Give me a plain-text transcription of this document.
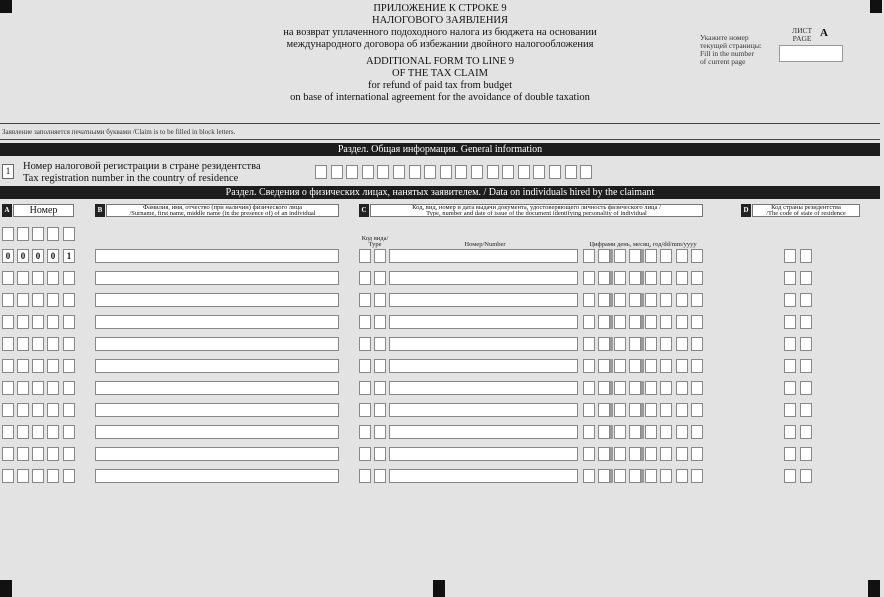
ПРИЛОЖЕНИЕ К СТРОКЕ 9
НАЛОГОВОГО ЗАЯВЛЕНИЯ
на возврат уплаченного подоходного налога из бюджета на основании
международного договора об избежании двойного налогообложения
ADDITIONAL FORM TO LINE 9
OF THE TAX CLAIM
for refund of paid tax from budget
on base of international agreement for the avoidance of double taxation
Укажите номер
текущей страницы:
Fill in the number
of current page
ЛИСТ
PAGE A
Заявление заполняется печатными буквами /Claim is to be filled in block letters.
Раздел. Общая информация. General information
1	Номер налоговой регистрации в стране резидентства
Tax registration number in the country of residence
Раздел. Сведения о физических лицах, нанятых заявителем. / Data on individuals hired by the claimant
A	Номер	B	Фамилия, имя, отчество (при наличии) физического лица
/Surname, first name, middle name (in the presence of) of an individual	C	Код, вид, номер и дата выдачи документа, удостоверяющего личность физического лица /
Type, number and date of issue of the document identifying personality of individual	D	Код страны резидентства
/The code of state of residence
Код вида/
Type	Номер/Number	Цифрами день, месяц, год/dd/mm/yyyy
0	0	0	0	1
